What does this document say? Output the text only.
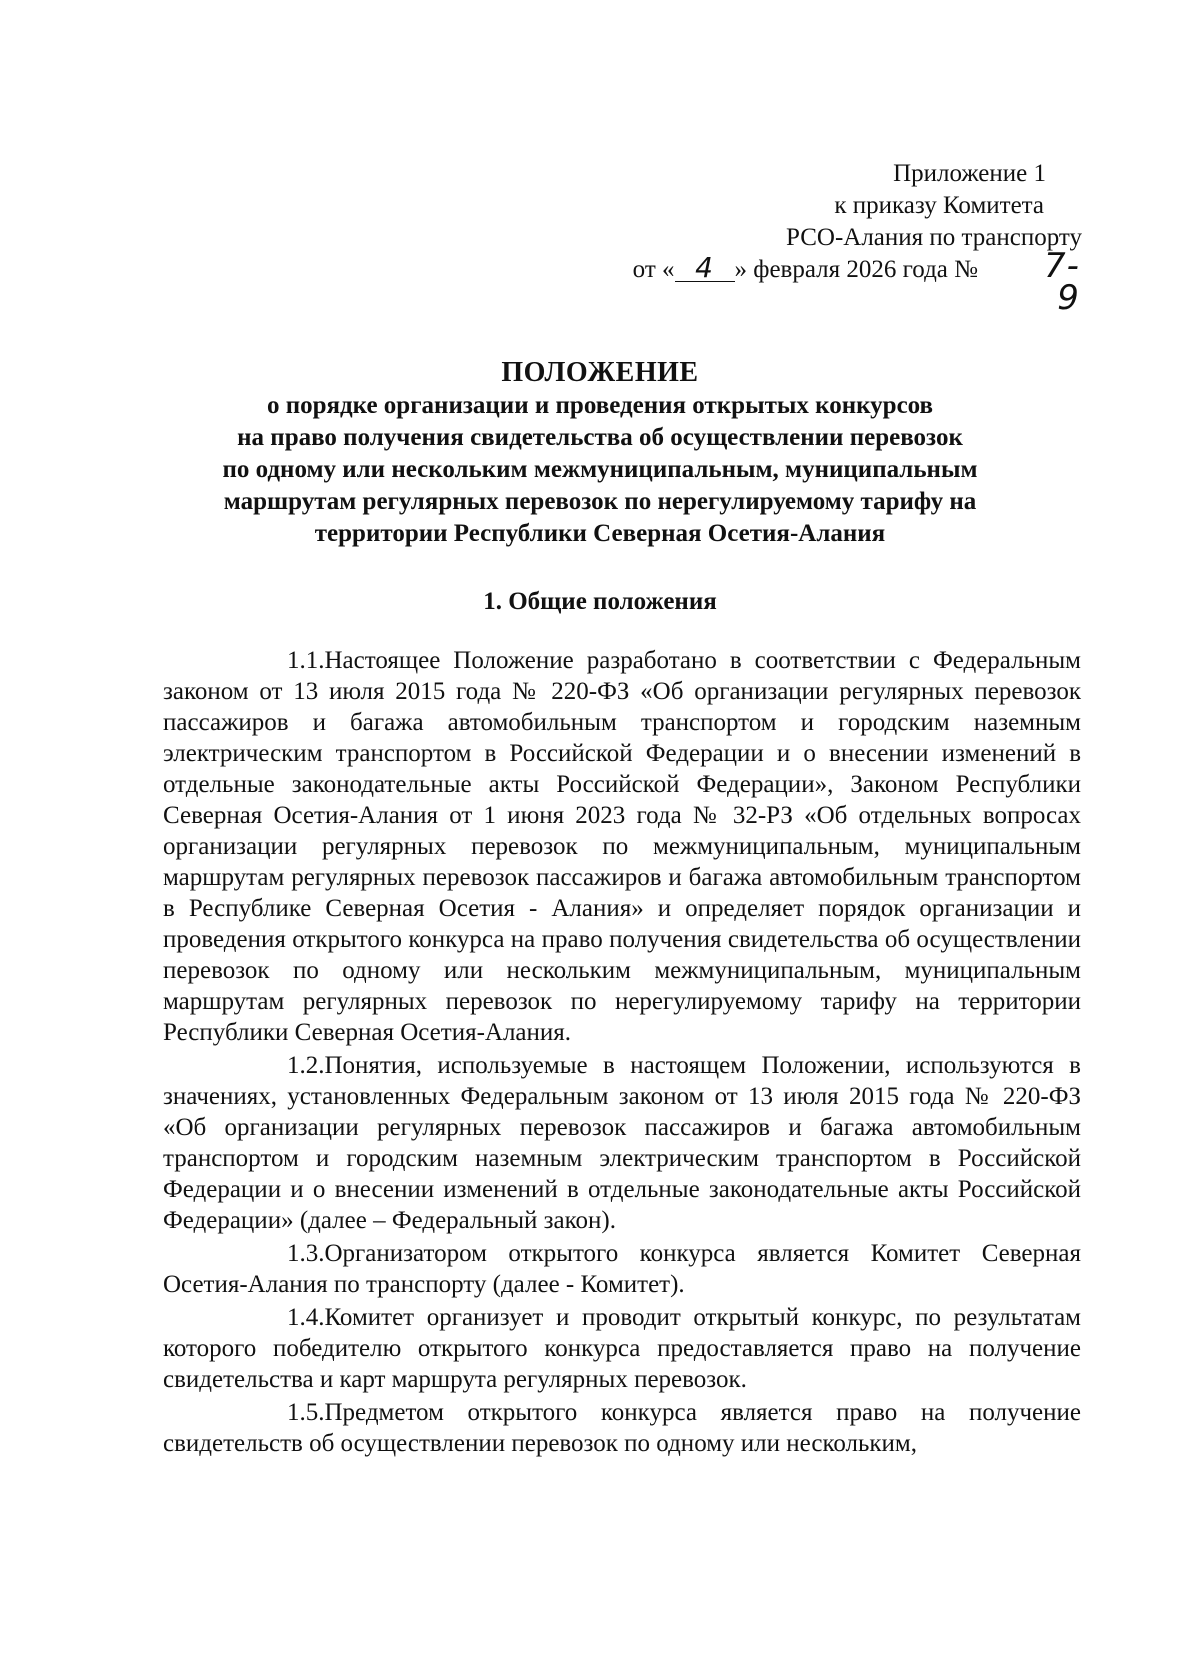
Приложение 1
к приказу Комитета
РСО-Алания по транспорту
от « 4 » февраля 2026 года № 7-9
ПОЛОЖЕНИЕ
о порядке организации и проведения открытых конкурсов
на право получения свидетельства об осуществлении перевозок
по одному или нескольким межмуниципальным, муниципальным
маршрутам регулярных перевозок по нерегулируемому тарифу на
территории Республики Северная Осетия-Алания
1. Общие положения

1.1.Настоящее Положение разработано в соответствии с Федеральным законом от 13 июля 2015 года № 220-ФЗ «Об организации регулярных перевозок пассажиров и багажа автомобильным транспортом и городским наземным электрическим транспортом в Российской Федерации и о внесении изменений в отдельные законодательные акты Российской Федерации», Законом Республики Северная Осетия-Алания от 1 июня 2023 года № 32-РЗ «Об отдельных вопросах организации регулярных перевозок по межмуниципальным, муниципальным маршрутам регулярных перевозок пассажиров и багажа автомобильным транспортом в Республике Северная Осетия - Алания» и определяет порядок организации и проведения открытого конкурса на право получения свидетельства об осуществлении перевозок по одному или нескольким межмуниципальным, муниципальным маршрутам регулярных перевозок по нерегулируемому тарифу на территории Республики Северная Осетия-Алания.

1.2.Понятия, используемые в настоящем Положении, используются в значениях, установленных Федеральным законом от 13 июля 2015 года № 220-ФЗ «Об организации регулярных перевозок пассажиров и багажа автомобильным транспортом и городским наземным электрическим транспортом в Российской Федерации и о внесении изменений в отдельные законодательные акты Российской Федерации» (далее – Федеральный закон).

1.3.Организатором открытого конкурса является Комитет Северная Осетия-Алания по транспорту (далее - Комитет).

1.4.Комитет организует и проводит открытый конкурс, по результатам которого победителю открытого конкурса предоставляется право на получение свидетельства и карт маршрута регулярных перевозок.

1.5.Предметом открытого конкурса является право на получение свидетельств об осуществлении перевозок по одному или нескольким,
